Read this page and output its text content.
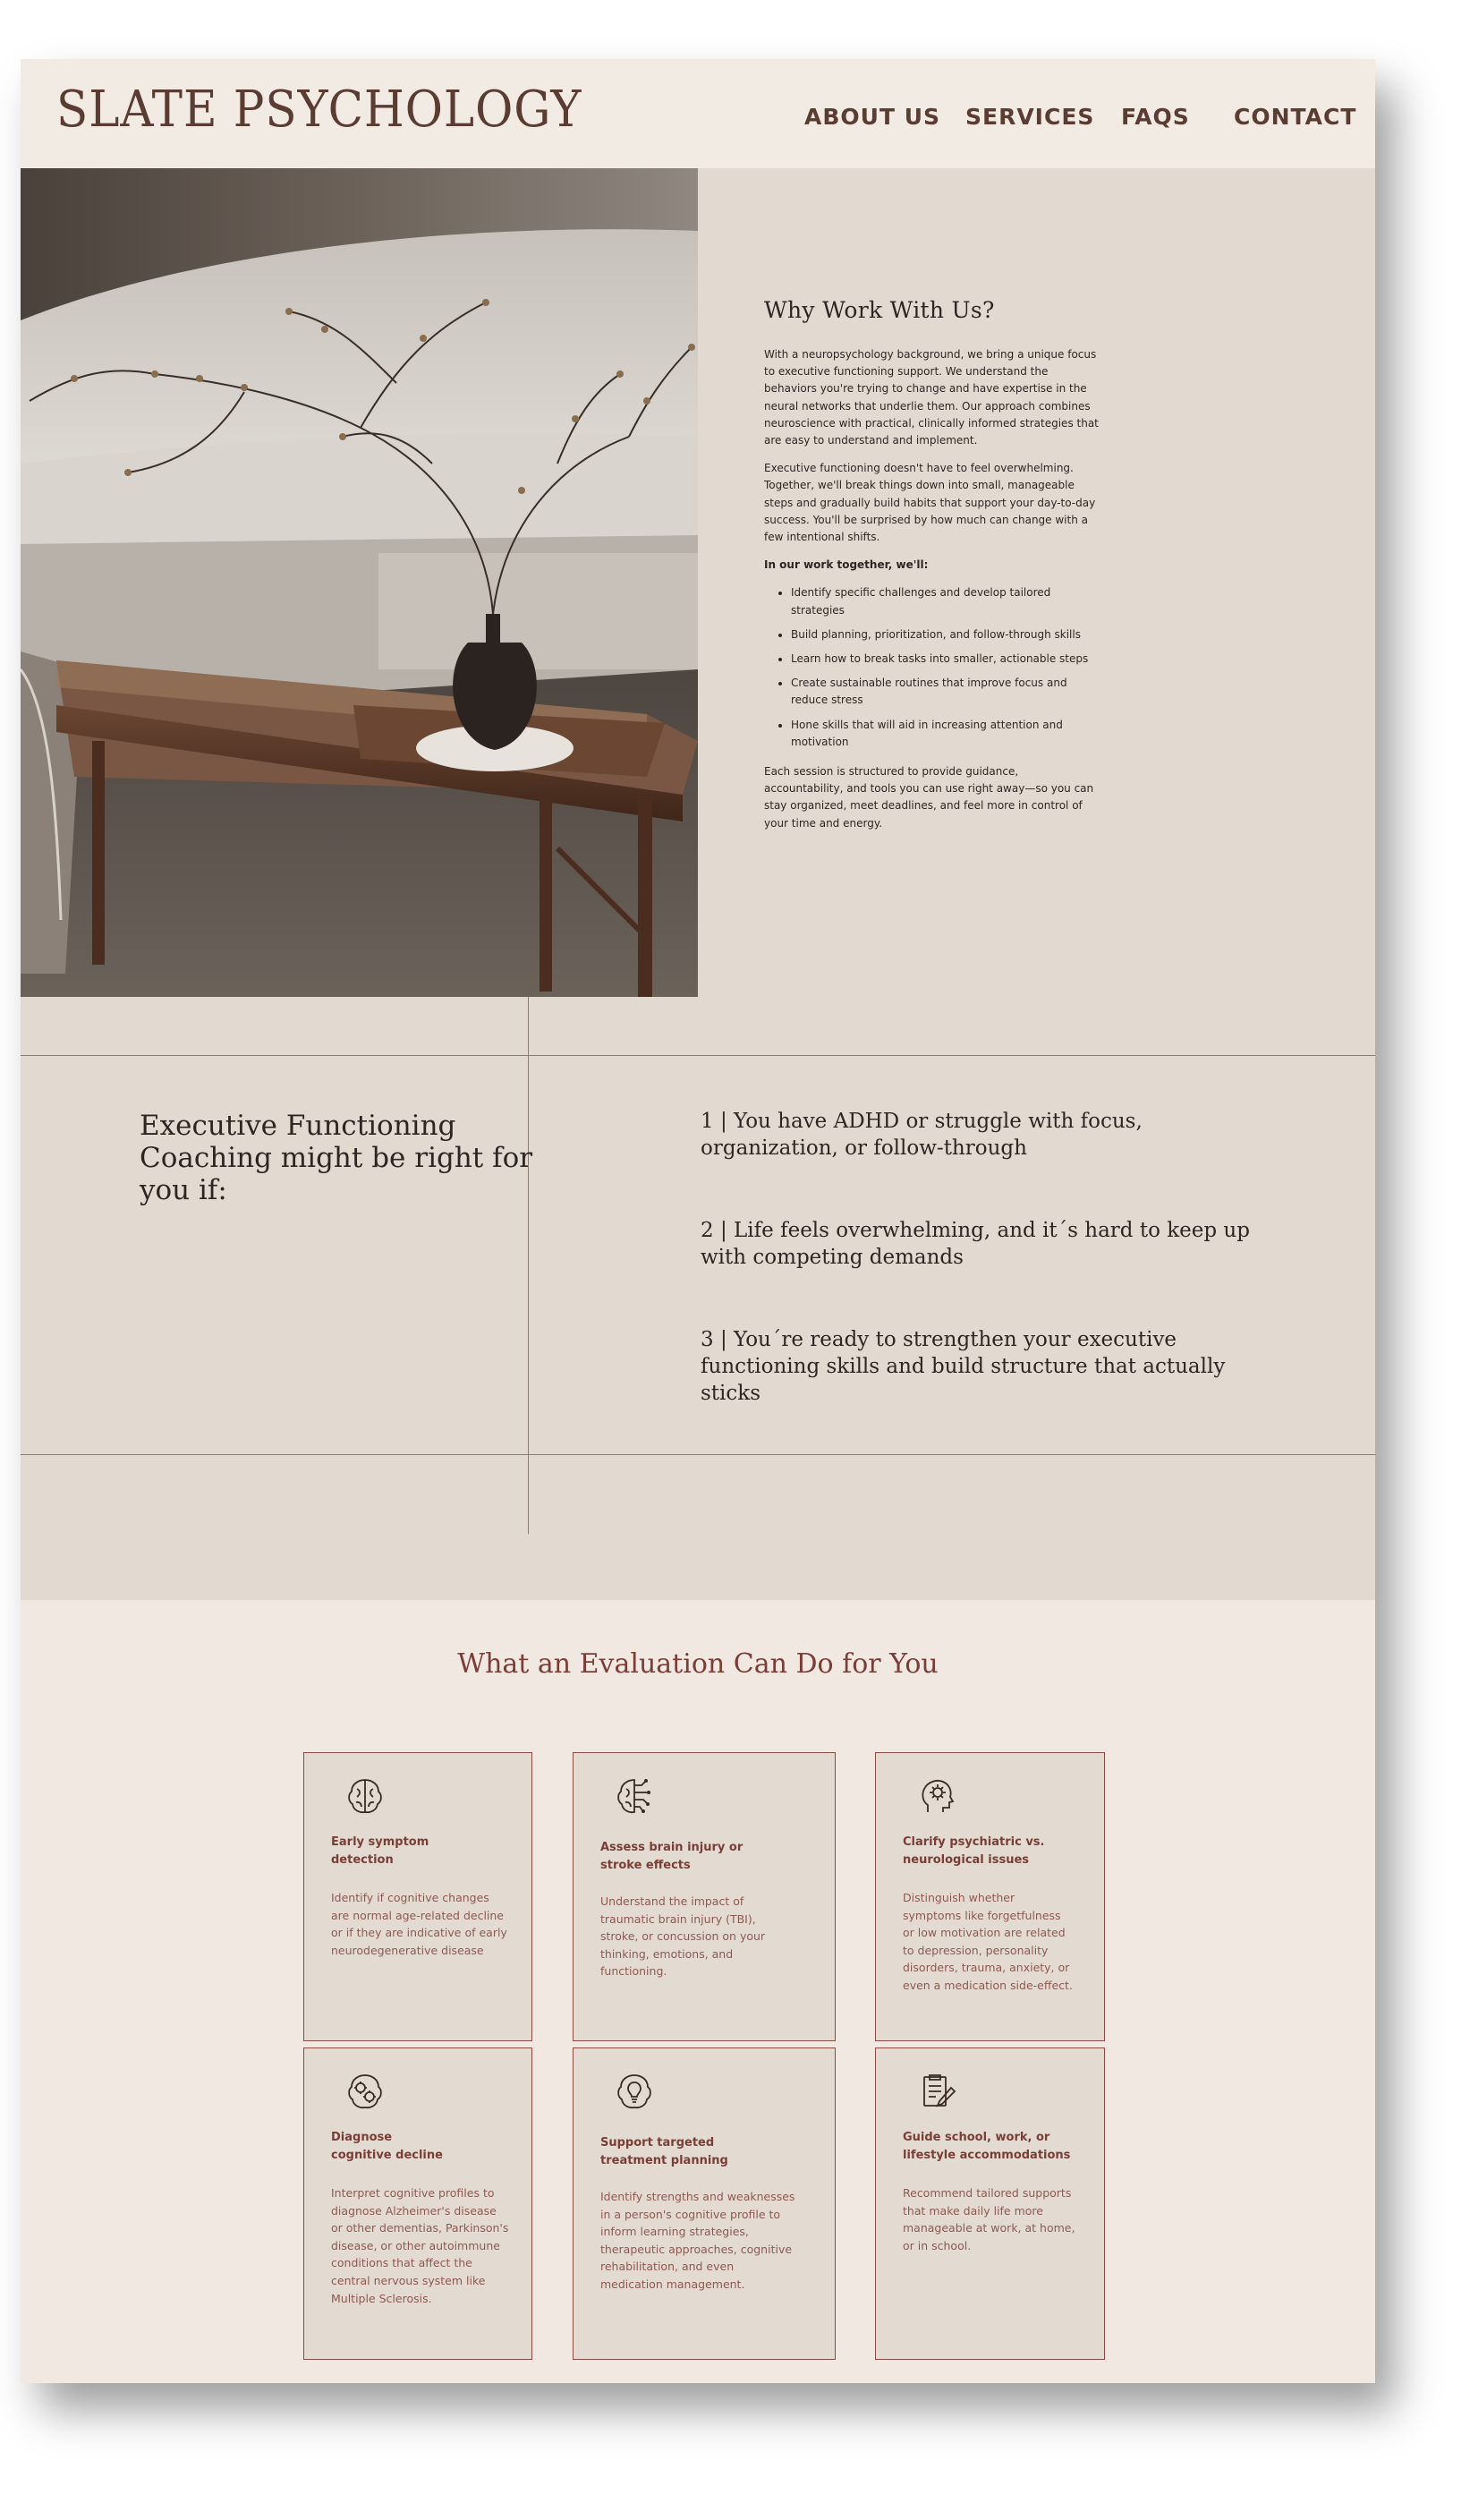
SLATE PSYCHOLOGY	ABOUT US SERVICES FAQS CONTACT
Why Work With Us?

With a neuropsychology background, we bring a unique focus to executive functioning support. We understand the behaviors you're trying to change and have expertise in the neural networks that underlie them. Our approach combines neuroscience with practical, clinically informed strategies that are easy to understand and implement.

Executive functioning doesn't have to feel overwhelming. Together, we'll break things down into small, manageable steps and gradually build habits that support your day-to-day success. You'll be surprised by how much can change with a few intentional shifts.

In our work together, we'll:

• Identify specific challenges and develop tailored strategies
• Build planning, prioritization, and follow-through skills
• Learn how to break tasks into smaller, actionable steps
• Create sustainable routines that improve focus and reduce stress
• Hone skills that will aid in increasing attention and motivation

Each session is structured to provide guidance, accountability, and tools you can use right away—so you can stay organized, meet deadlines, and feel more in control of your time and energy.

Executive Functioning Coaching might be right for you if:
1 | You have ADHD or struggle with focus, organization, or follow-through
2 | Life feels overwhelming, and it´s hard to keep up with competing demands
3 | You´re ready to strengthen your executive functioning skills and build structure that actually sticks
What an Evaluation Can Do for You
Early symptom detection

Identify if cognitive changes are normal age-related decline or if they are indicative of early neurodegenerative disease

Assess brain injury or stroke effects

Understand the impact of traumatic brain injury (TBI), stroke, or concussion on your thinking, emotions, and functioning.

Clarify psychiatric vs. neurological issues

Distinguish whether symptoms like forgetfulness or low motivation are related to depression, personality disorders, trauma, anxiety, or even a medication side-effect.

Diagnose cognitive decline

Interpret cognitive profiles to diagnose Alzheimer's disease or other dementias, Parkinson's disease, or other autoimmune conditions that affect the central nervous system like Multiple Sclerosis.

Support targeted treatment planning

Identify strengths and weaknesses in a person's cognitive profile to inform learning strategies, therapeutic approaches, cognitive rehabilitation, and even medication management.

Guide school, work, or lifestyle accommodations

Recommend tailored supports that make daily life more manageable at work, at home, or in school.
